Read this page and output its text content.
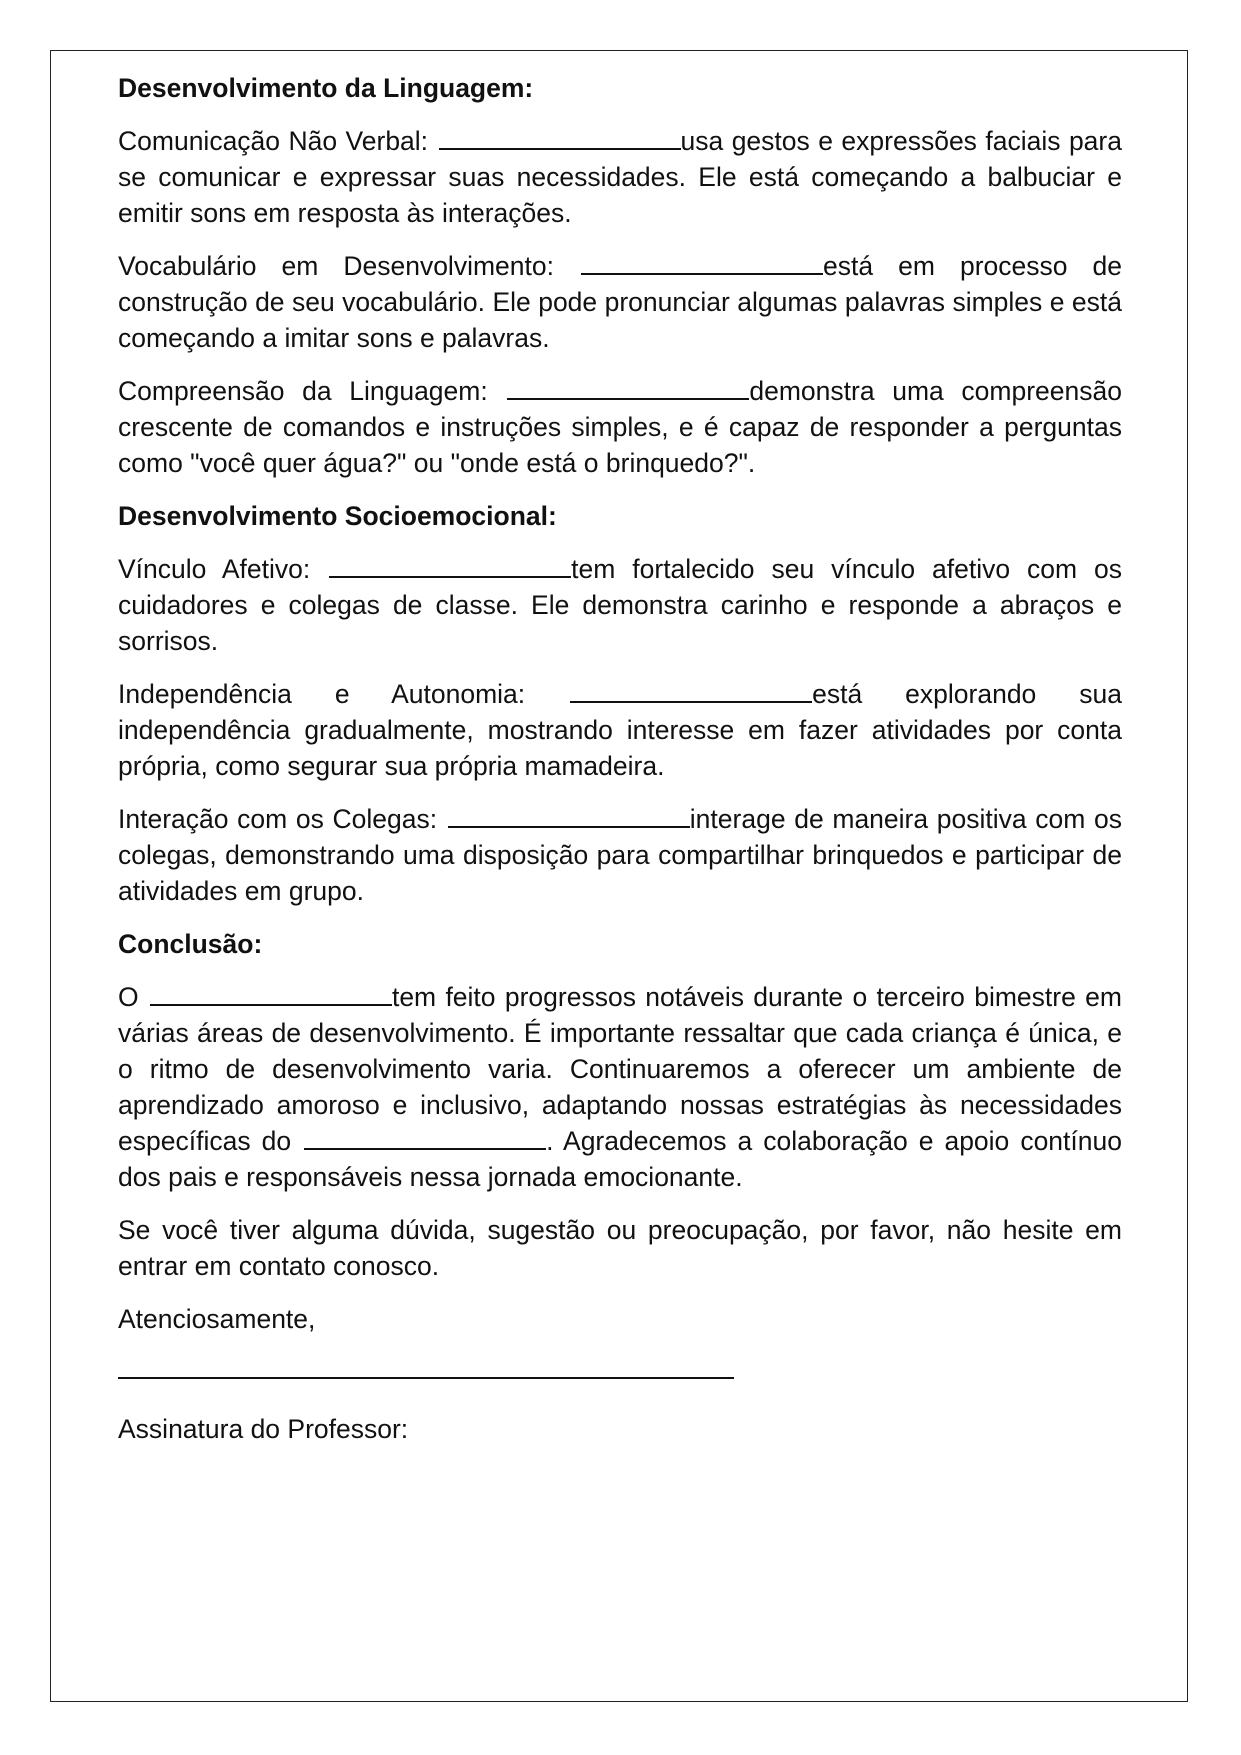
Desenvolvimento da Linguagem:

Comunicação Não Verbal:	usa gestos e expressões faciais para se comunicar e expressar suas necessidades. Ele está começando a balbuciar e emitir sons em resposta às interações.

Vocabulário em Desenvolvimento:	está em processo de construção de seu vocabulário. Ele pode pronunciar algumas palavras simples e está começando a imitar sons e palavras.

Compreensão da Linguagem:	demonstra uma compreensão crescente de comandos e instruções simples, e é capaz de responder a perguntas como "você quer água?" ou "onde está o brinquedo?".

Desenvolvimento Socioemocional:

Vínculo Afetivo:	tem fortalecido seu vínculo afetivo com os cuidadores e colegas de classe. Ele demonstra carinho e responde a abraços e sorrisos.

Independência e Autonomia:	está explorando sua independência gradualmente, mostrando interesse em fazer atividades por conta própria, como segurar sua própria mamadeira.

Interação com os Colegas:	interage de maneira positiva com os colegas, demonstrando uma disposição para compartilhar brinquedos e participar de atividades em grupo.

Conclusão:

O	tem feito progressos notáveis durante o terceiro bimestre em várias áreas de desenvolvimento. É importante ressaltar que cada criança é única, e o ritmo de desenvolvimento varia. Continuaremos a oferecer um ambiente de aprendizado amoroso e inclusivo, adaptando nossas estratégias às necessidades específicas do	. Agradecemos a colaboração e apoio contínuo dos pais e responsáveis nessa jornada emocionante.

Se você tiver alguma dúvida, sugestão ou preocupação, por favor, não hesite em entrar em contato conosco.

Atenciosamente,

Assinatura do Professor:
